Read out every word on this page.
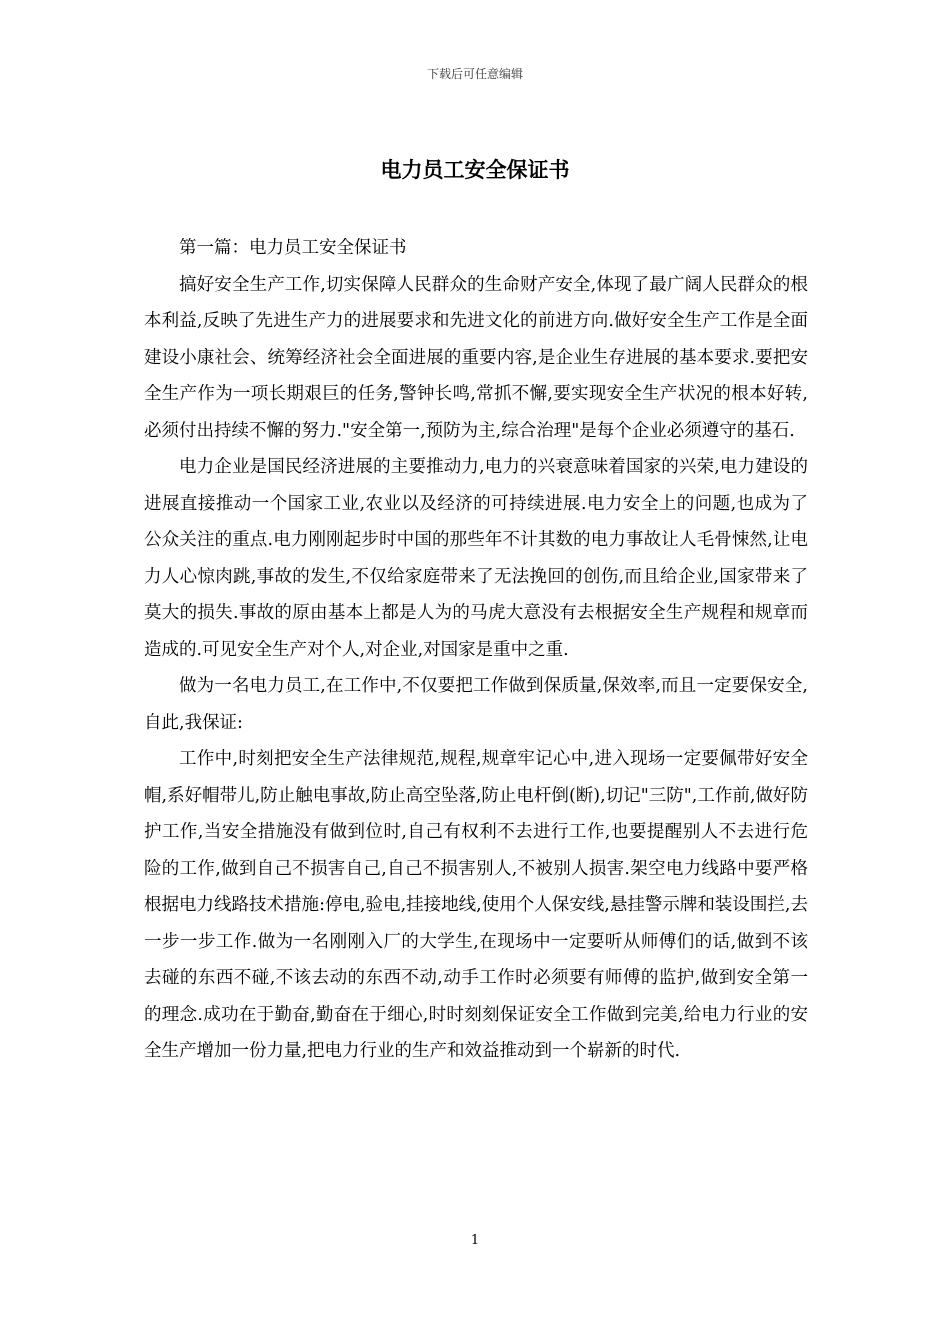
下载后可任意编辑
电力员工安全保证书

第一篇：电力员工安全保证书

搞好安全生产工作,切实保障人民群众的生命财产安全,体现了最广阔人民群众的根本利益,反映了先进生产力的进展要求和先进文化的前进方向.做好安全生产工作是全面建设小康社会、统筹经济社会全面进展的重要内容,是企业生存进展的基本要求.要把安全生产作为一项长期艰巨的任务,警钟长鸣,常抓不懈,要实现安全生产状况的根本好转,必须付出持续不懈的努力."安全第一,预防为主,综合治理"是每个企业必须遵守的基石.

电力企业是国民经济进展的主要推动力,电力的兴衰意味着国家的兴荣,电力建设的进展直接推动一个国家工业,农业以及经济的可持续进展.电力安全上的问题,也成为了公众关注的重点.电力刚刚起步时中国的那些年不计其数的电力事故让人毛骨悚然,让电力人心惊肉跳,事故的发生,不仅给家庭带来了无法挽回的创伤,而且给企业,国家带来了莫大的损失.事故的原由基本上都是人为的马虎大意没有去根据安全生产规程和规章而造成的.可见安全生产对个人,对企业,对国家是重中之重.

做为一名电力员工,在工作中,不仅要把工作做到保质量,保效率,而且一定要保安全,自此,我保证:

工作中,时刻把安全生产法律规范,规程,规章牢记心中,进入现场一定要佩带好安全帽,系好帽带儿,防止触电事故,防止高空坠落,防止电杆倒(断),切记"三防",工作前,做好防护工作,当安全措施没有做到位时,自己有权利不去进行工作,也要提醒别人不去进行危险的工作,做到自己不损害自己,自己不损害别人,不被别人损害.架空电力线路中要严格根据电力线路技术措施:停电,验电,挂接地线,使用个人保安线,悬挂警示牌和装设围拦,去一步一步工作.做为一名刚刚入厂的大学生,在现场中一定要听从师傅们的话,做到不该去碰的东西不碰,不该去动的东西不动,动手工作时必须要有师傅的监护,做到安全第一的理念.成功在于勤奋,勤奋在于细心,时时刻刻保证安全工作做到完美,给电力行业的安全生产增加一份力量,把电力行业的生产和效益推动到一个崭新的时代.

1
